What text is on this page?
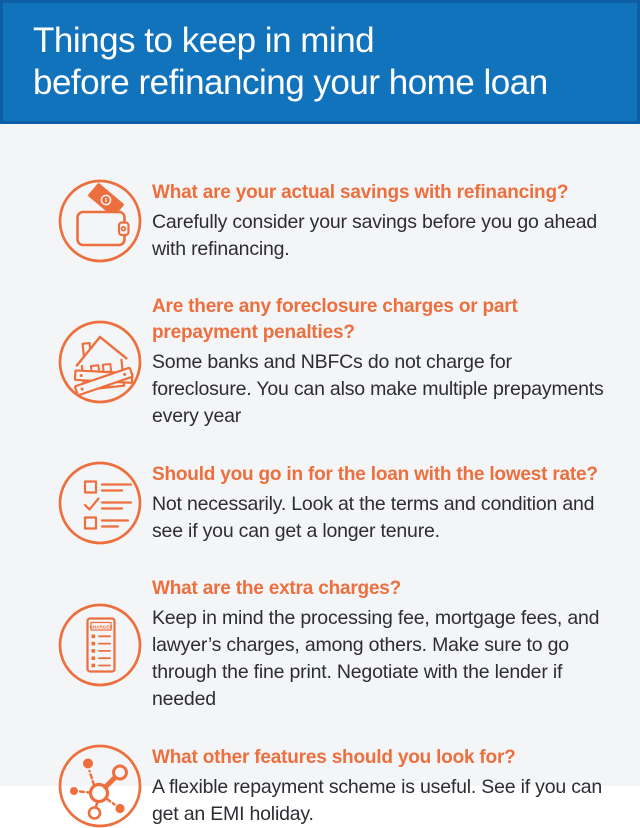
Things to keep in mind
before refinancing your home loan
What are your actual savings with refinancing?

Carefully consider your savings before you go ahead with refinancing.

Are there any foreclosure charges or part prepayment penalties?

Some banks and NBFCs do not charge for foreclosure. You can also make multiple prepayments every year

Should you go in for the loan with the lowest rate?

Not necessarily. Look at the terms and condition and see if you can get a longer tenure.

CHARGES
What are the extra charges?

Keep in mind the processing fee, mortgage fees, and lawyer’s charges, among others. Make sure to go through the fine print. Negotiate with the lender if needed

What other features should you look for?

A flexible repayment scheme is useful. See if you can get an EMI holiday.
